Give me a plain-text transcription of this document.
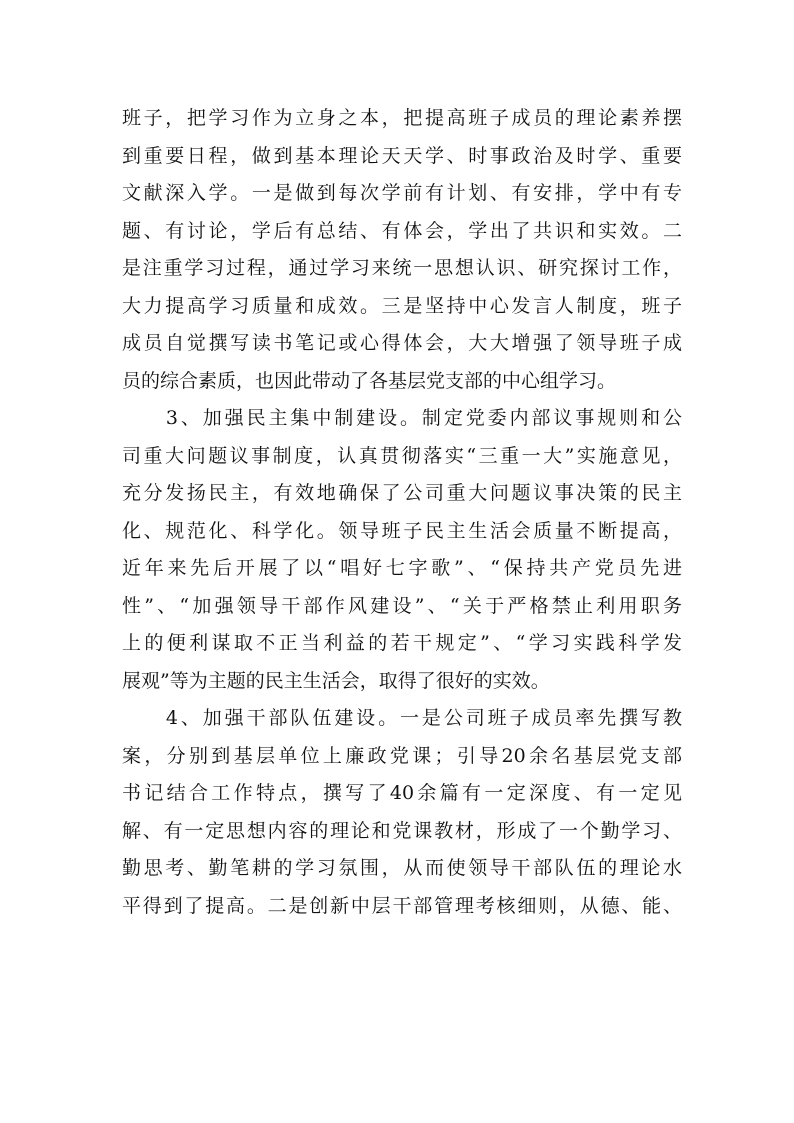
班子，把学习作为立身之本，把提高班子成员的理论素养摆
到重要日程，做到基本理论天天学、时事政治及时学、重要
文献深入学。一是做到每次学前有计划、有安排，学中有专
题、有讨论，学后有总结、有体会，学出了共识和实效。二
是注重学习过程，通过学习来统一思想认识、研究探讨工作，
大力提高学习质量和成效。三是坚持中心发言人制度，班子
成员自觉撰写读书笔记或心得体会，大大增强了领导班子成
员的综合素质，也因此带动了各基层党支部的中心组学习。
　　3、加强民主集中制建设。制定党委内部议事规则和公
司重大问题议事制度，认真贯彻落实“三重一大”实施意见，
充分发扬民主，有效地确保了公司重大问题议事决策的民主
化、规范化、科学化。领导班子民主生活会质量不断提高，
近年来先后开展了以“唱好七字歌”、“保持共产党员先进
性”、“加强领导干部作风建设”、“关于严格禁止利用职务
上的便利谋取不正当利益的若干规定”、“学习实践科学发
展观”等为主题的民主生活会，取得了很好的实效。
　　4、加强干部队伍建设。一是公司班子成员率先撰写教
案，分别到基层单位上廉政党课；引导20余名基层党支部
书记结合工作特点，撰写了40余篇有一定深度、有一定见
解、有一定思想内容的理论和党课教材，形成了一个勤学习、
勤思考、勤笔耕的学习氛围，从而使领导干部队伍的理论水
平得到了提高。二是创新中层干部管理考核细则，从德、能、
